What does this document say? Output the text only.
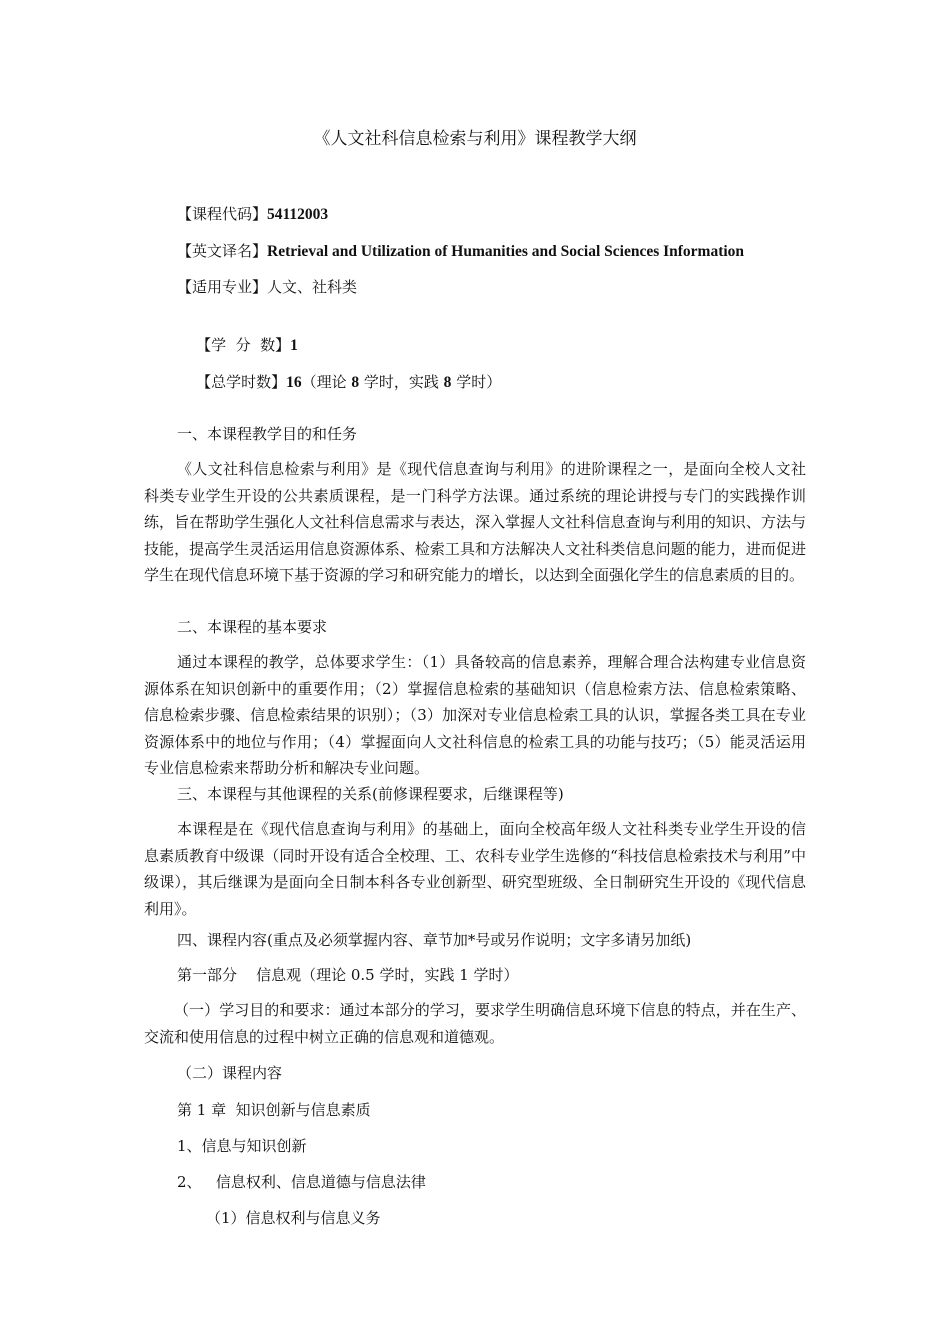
《人文社科信息检索与利用》课程教学大纲
【课程代码】54112003
【英文译名】Retrieval and Utilization of Humanities and Social Sciences Information
【适用专业】人文、社科类

【学  分  数】1

【总学时数】16（理论 8 学时，实践 8 学时）

一、本课程教学目的和任务
《人文社科信息检索与利用》是《现代信息查询与利用》的进阶课程之一，是面向全校人文社科类专业学生开设的公共素质课程，是一门科学方法课。通过系统的理论讲授与专门的实践操作训练，旨在帮助学生强化人文社科信息需求与表达，深入掌握人文社科信息查询与利用的知识、方法与技能，提高学生灵活运用信息资源体系、检索工具和方法解决人文社科类信息问题的能力，进而促进学生在现代信息环境下基于资源的学习和研究能力的增长，以达到全面强化学生的信息素质的目的。
二、本课程的基本要求
通过本课程的教学，总体要求学生：（1）具备较高的信息素养，理解合理合法构建专业信息资源体系在知识创新中的重要作用；（2）掌握信息检索的基础知识（信息检索方法、信息检索策略、信息检索步骤、信息检索结果的识别）；（3）加深对专业信息检索工具的认识，掌握各类工具在专业资源体系中的地位与作用；（4）掌握面向人文社科信息的检索工具的功能与技巧；（5）能灵活运用专业信息检索来帮助分析和解决专业问题。
三、本课程与其他课程的关系(前修课程要求，后继课程等)
本课程是在《现代信息查询与利用》的基础上，面向全校高年级人文社科类专业学生开设的信息素质教育中级课（同时开设有适合全校理、工、农科专业学生选修的“科技信息检索技术与利用”中级课），其后继课为是面向全日制本科各专业创新型、研究型班级、全日制研究生开设的《现代信息利用》。
四、课程内容(重点及必须掌握内容、章节加*号或另作说明；文字多请另加纸)
第一部分    信息观（理论 0.5 学时，实践 1 学时）
（一）学习目的和要求：通过本部分的学习，要求学生明确信息环境下信息的特点，并在生产、交流和使用信息的过程中树立正确的信息观和道德观。
（二）课程内容
第 1 章  知识创新与信息素质
1、信息与知识创新
2、   信息权利、信息道德与信息法律
（1）信息权利与信息义务
